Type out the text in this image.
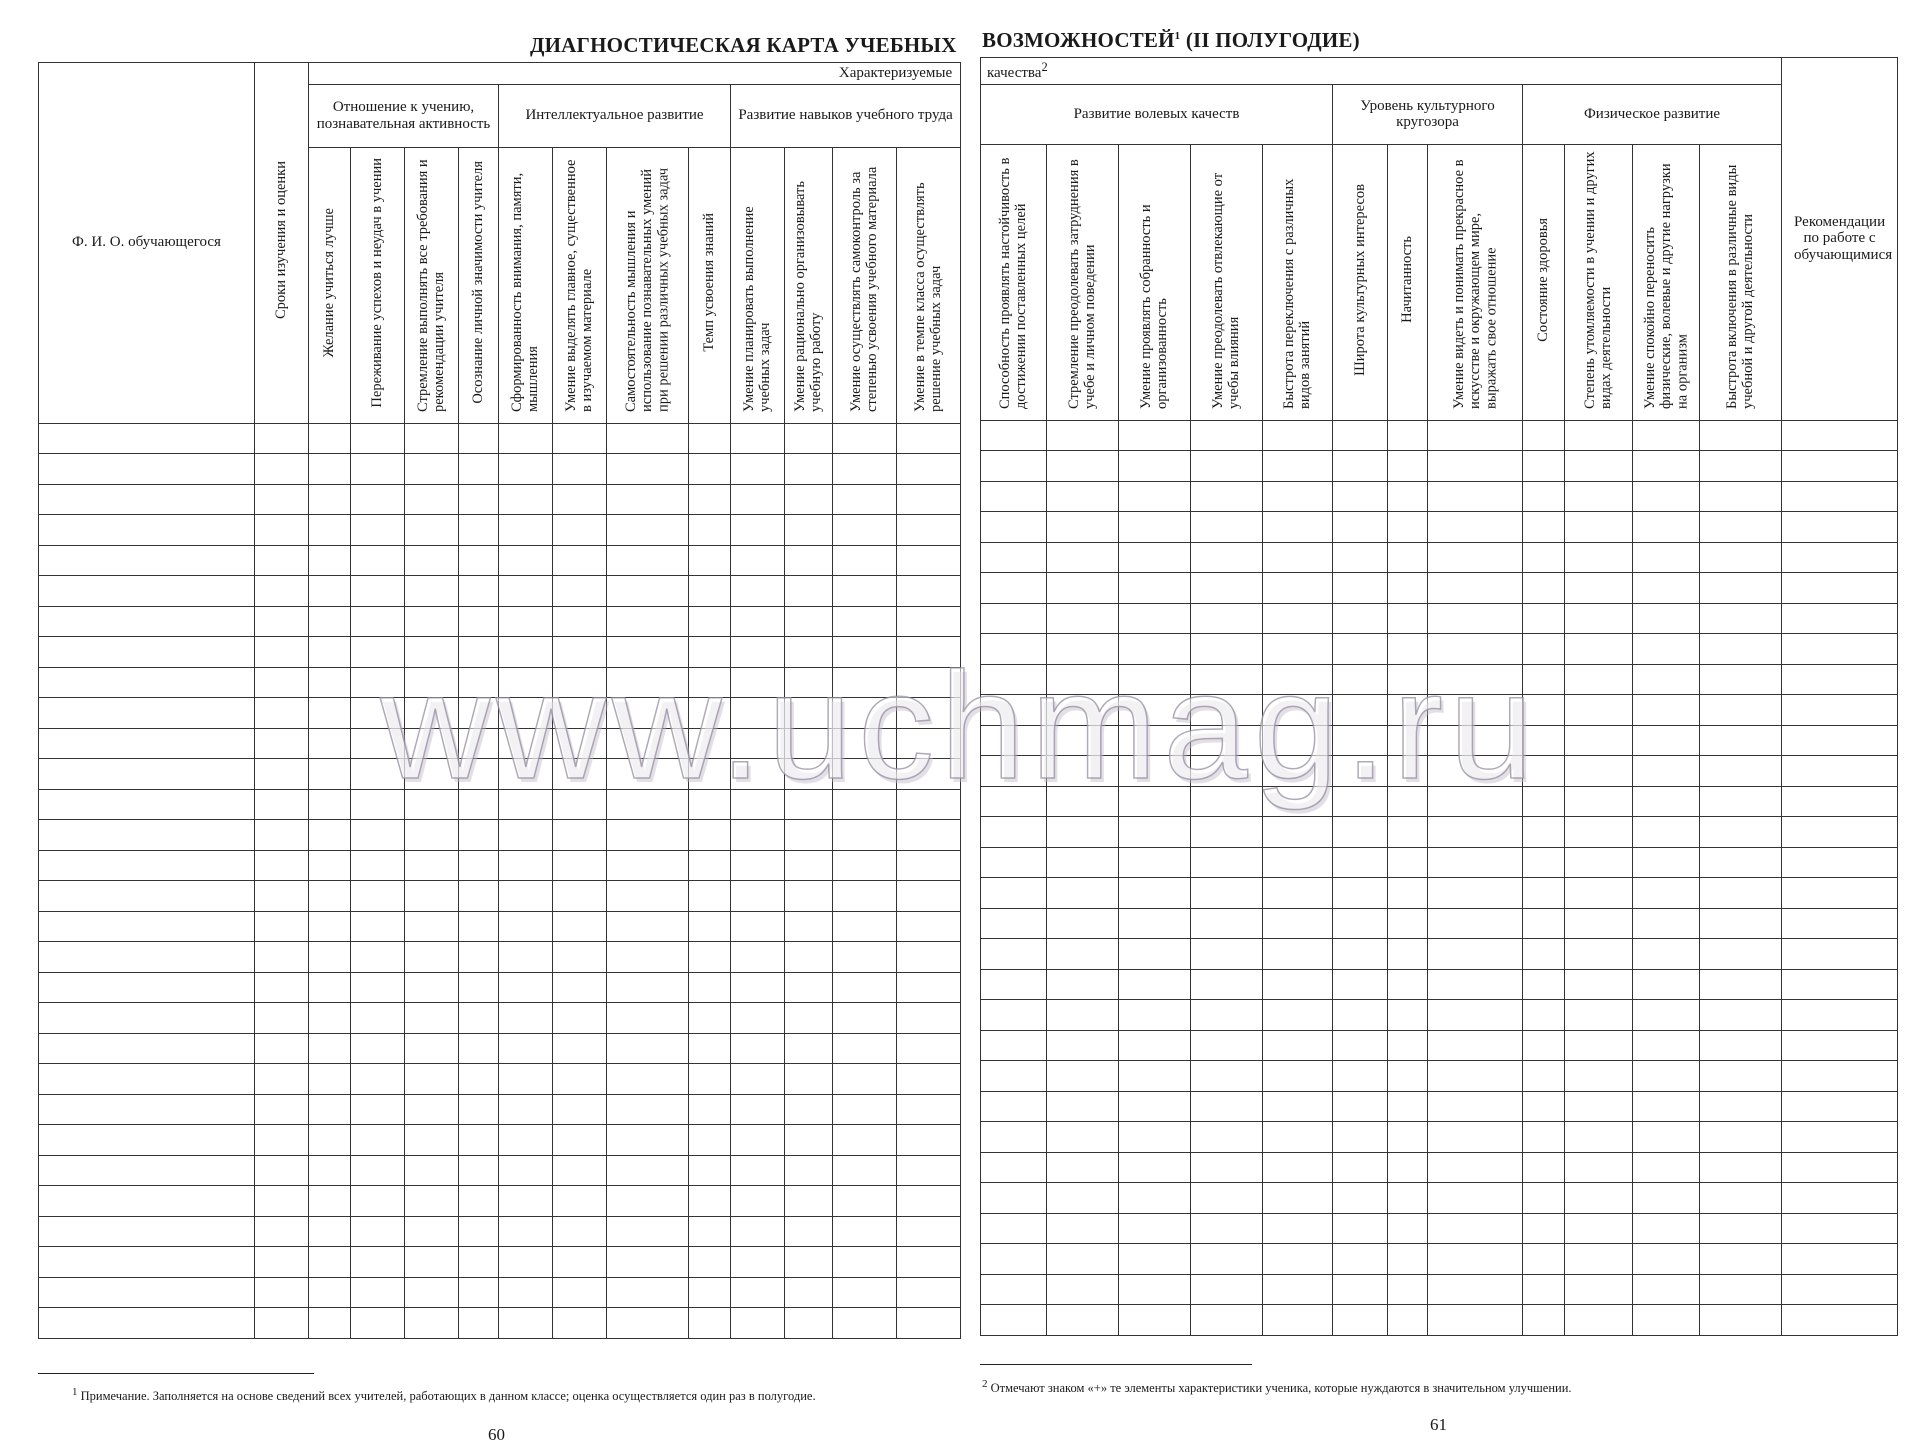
ДИАГНОСТИЧЕСКАЯ КАРТА УЧЕБНЫХ
Ф. И. О. обучающегося	Сроки изучения и оценки	Характеризуемые											
		Отношение к учению, познавательная активность				Интеллектуальное развитие				Развитие навыков учебного труда			
		Желание учиться лучше	Переживание успехов и неудач в учении	Стремление выполнять все требования и рекомендации учителя	Осознание личной значимости учителя	Сформированность внимания, памяти, мышления	Умение выделять главное, существенное в изучаемом материале	Самостоятельность мышления и использование познавательных умений при решении различных учебных задач	Темп усвоения знаний	Умение планировать выполнение учебных задач	Умение рационально организовывать учебную работу	Умение осуществлять самоконтроль за степенью усвоения учебного материала	Умение в темпе класса осуществлять решение учебных задач

$^1$ Примечание. Заполняется на основе сведений всех учителей, работающих в данном классе; оценка осуществляется один раз в полугодие.
60
ВОЗМОЖНОСТЕЙ$^1$ (II ПОЛУГОДИЕ)
качества$^2$												Рекомендации по работе с обучающимися
Развитие волевых качеств					Уровень культурного кругозора			Физическое развитие				
Способность проявлять настойчивость в достижении поставленных целей	Стремление преодолевать затруднения в учебе и личном поведении	Умение проявлять собранность и организованность	Умение преодолевать отвлекающие от учебы влияния	Быстрота переключения с различных видов занятий	Широта культурных интересов	Начитанность	Умение видеть и понимать прекрасное в искусстве и окружающем мире, выражать свое отношение	Состояние здоровья	Степень утомляемости в учении и других видах деятельности	Умение спокойно переносить физические, волевые и другие нагрузки на организм	Быстрота включения в различные виды учебной и другой деятельности	

$^2$ Отмечают знаком «+» те элементы характеристики ученика, которые нуждаются в значительном улучшении.
61
www.uchmag.ru
